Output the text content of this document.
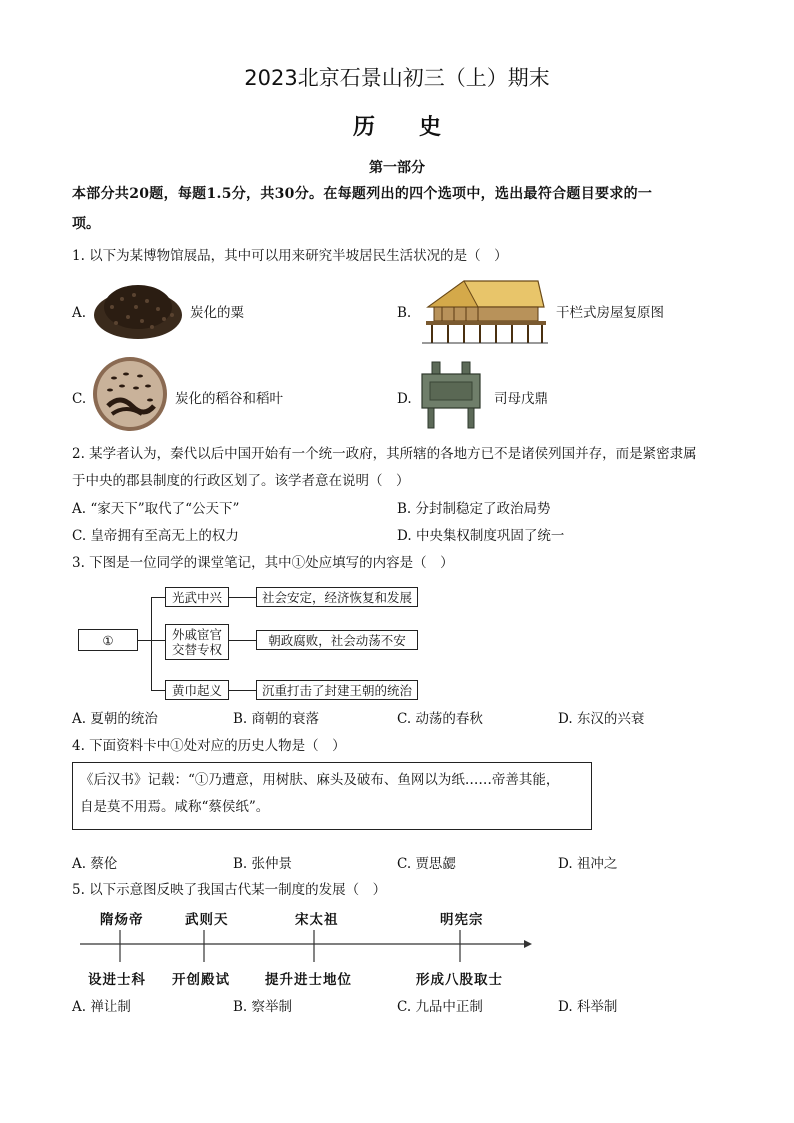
2023北京石景山初三（上）期末
历　　史
第一部分
本部分共20题，每题1.5分，共30分。在每题列出的四个选项中，选出最符合题目要求的一
项。
1. 以下为某博物馆展品，其中可以用来研究半坡居民生活状况的是（　）
A.	炭化的粟	B.	干栏式房屋复原图
C.	炭化的稻谷和稻叶	D.	司母戊鼎
2. 某学者认为，秦代以后中国开始有一个统一政府，其所辖的各地方已不是诸侯列国并存，而是紧密隶属
于中央的郡县制度的行政区划了。该学者意在说明（　）
A. “家天下”取代了“公天下”	B. 分封制稳定了政治局势
C. 皇帝拥有至高无上的权力	D. 中央集权制度巩固了统一
3. 下图是一位同学的课堂笔记，其中①处应填写的内容是（　）
①
光武中兴
外戚宦官交替专权
黄巾起义
社会安定，经济恢复和发展
朝政腐败，社会动荡不安
沉重打击了封建王朝的统治
A. 夏朝的统治	B. 商朝的衰落	C. 动荡的春秋	D. 东汉的兴衰
4. 下面资料卡中①处对应的历史人物是（　）
《后汉书》记载：“①乃遭意，用树肤、麻头及破布、鱼网以为纸……帝善其能，
自是莫不用焉。咸称“蔡侯纸”。
A. 蔡伦	B. 张仲景	C. 贾思勰	D. 祖冲之
5. 以下示意图反映了我国古代某一制度的发展（　）
隋炀帝	武则天	宋太祖	明宪宗
设进士科 开创殿试	提升进士地位	形成八股取士
A. 禅让制	B. 察举制	C. 九品中正制	D. 科举制
